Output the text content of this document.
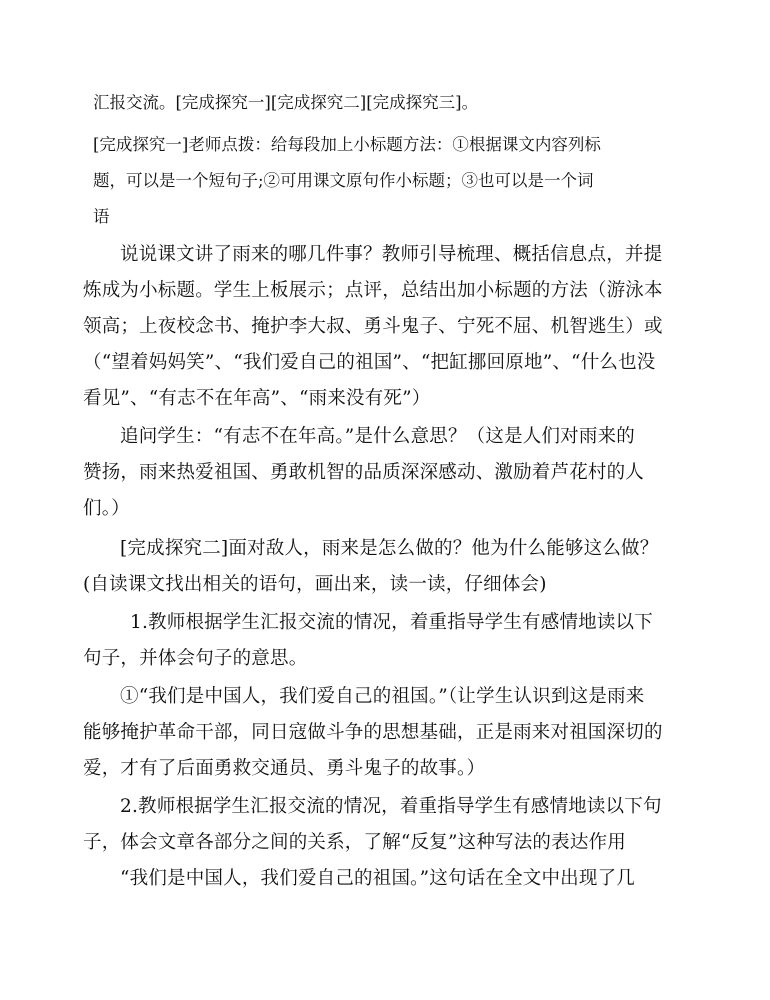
汇报交流。[完成探究一][完成探究二][完成探究三]。
[完成探究一]老师点拨：给每段加上小标题方法：①根据课文内容列标
题，可以是一个短句子;②可用课文原句作小标题；③也可以是一个词
语
说说课文讲了雨来的哪几件事？教师引导梳理、概括信息点，并提
炼成为小标题。学生上板展示；点评，总结出加小标题的方法（游泳本
领高；上夜校念书、掩护李大叔、勇斗鬼子、宁死不屈、机智逃生）或
（“望着妈妈笑”、“我们爱自己的祖国”、“把缸挪回原地”、“什么也没
看见”、“有志不在年高”、“雨来没有死”）
追问学生：“有志不在年高。”是什么意思？（这是人们对雨来的
赞扬，雨来热爱祖国、勇敢机智的品质深深感动、激励着芦花村的人
们。）
[完成探究二]面对敌人，雨来是怎么做的？他为什么能够这么做？
(自读课文找出相关的语句，画出来，读一读，仔细体会)
1.教师根据学生汇报交流的情况，着重指导学生有感情地读以下
句子，并体会句子的意思。
①“我们是中国人，我们爱自己的祖国。”（让学生认识到这是雨来
能够掩护革命干部，同日寇做斗争的思想基础，正是雨来对祖国深切的
爱，才有了后面勇救交通员、勇斗鬼子的故事。）
2.教师根据学生汇报交流的情况，着重指导学生有感情地读以下句
子，体会文章各部分之间的关系，了解“反复”这种写法的表达作用
“我们是中国人，我们爱自己的祖国。”这句话在全文中出现了几
